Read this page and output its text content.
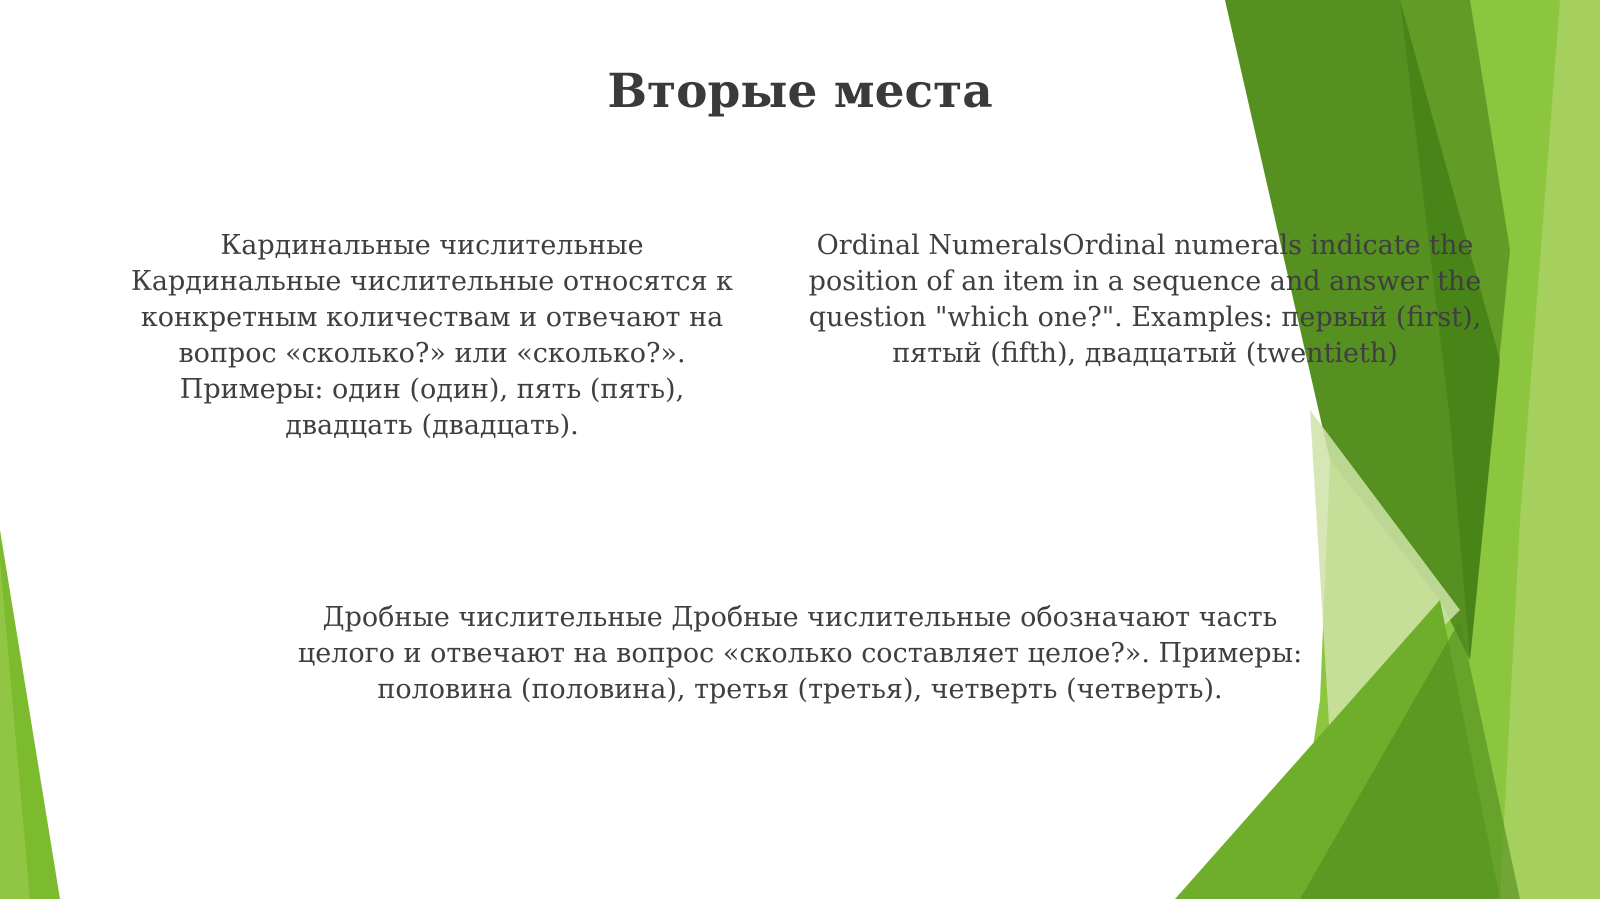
Вторые места

Кардинальные числительные Кардинальные числительные относятся к конкретным количествам и отвечают на вопрос «сколько?» или «сколько?». Примеры: один (один), пять (пять), двадцать (двадцать).

Ordinal NumeralsOrdinal numerals indicate the position of an item in a sequence and answer the question "which one?". Examples: первый (first), пятый (fifth), двадцатый (twentieth)

Дробные числительные Дробные числительные обозначают часть целого и отвечают на вопрос «сколько составляет целое?». Примеры: половина (половина), третья (третья), четверть (четверть).
